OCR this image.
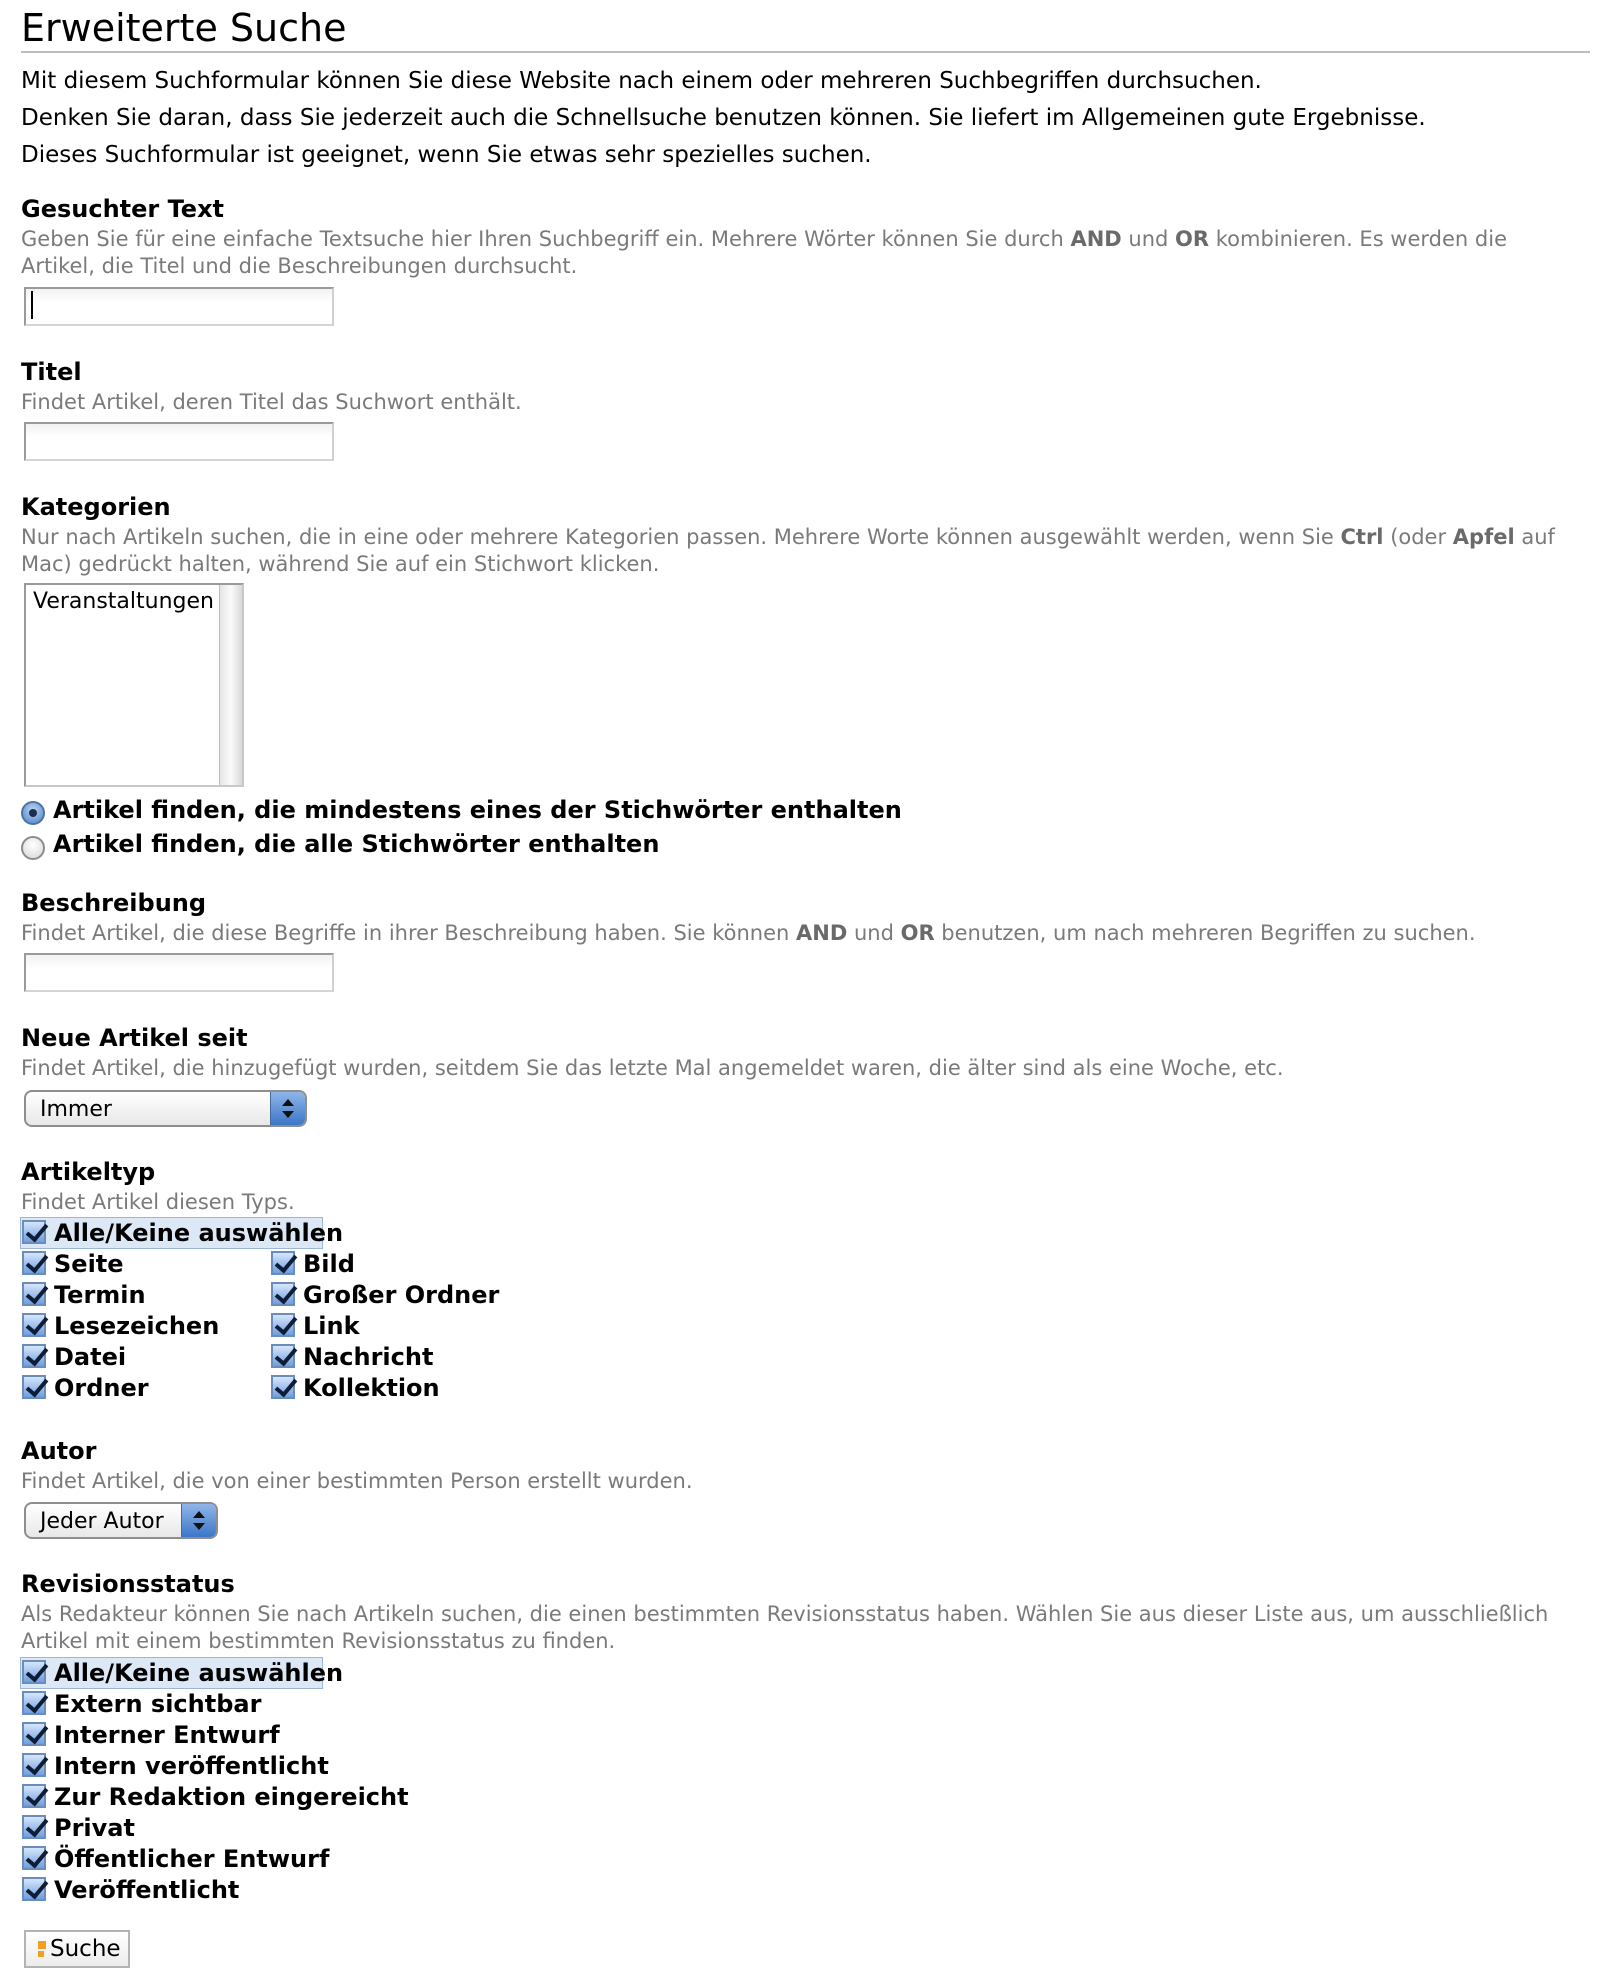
Erweiterte Suche
Mit diesem Suchformular können Sie diese Website nach einem oder mehreren Suchbegriffen durchsuchen.
Denken Sie daran, dass Sie jederzeit auch die Schnellsuche benutzen können. Sie liefert im Allgemeinen gute Ergebnisse.
Dieses Suchformular ist geeignet, wenn Sie etwas sehr spezielles suchen.
Gesuchter Text
Geben Sie für eine einfache Textsuche hier Ihren Suchbegriff ein. Mehrere Wörter können Sie durch AND und OR kombinieren. Es werden die Artikel, die Titel und die Beschreibungen durchsucht.
Titel
Findet Artikel, deren Titel das Suchwort enthält.
Kategorien
Nur nach Artikeln suchen, die in eine oder mehrere Kategorien passen. Mehrere Worte können ausgewählt werden, wenn Sie Ctrl (oder Apfel auf Mac) gedrückt halten, während Sie auf ein Stichwort klicken.
Veranstaltungen
Artikel finden, die mindestens eines der Stichwörter enthalten
Artikel finden, die alle Stichwörter enthalten
Beschreibung
Findet Artikel, die diese Begriffe in ihrer Beschreibung haben. Sie können AND und OR benutzen, um nach mehreren Begriffen zu suchen.
Neue Artikel seit
Findet Artikel, die hinzugefügt wurden, seitdem Sie das letzte Mal angemeldet waren, die älter sind als eine Woche, etc.
Immer
Artikeltyp
Findet Artikel diesen Typs.
Alle/Keine auswählen
Seite
Termin
Lesezeichen
Datei
Ordner
Bild
Großer Ordner
Link
Nachricht
Kollektion
Autor
Findet Artikel, die von einer bestimmten Person erstellt wurden.
Jeder Autor
Revisionsstatus
Als Redakteur können Sie nach Artikeln suchen, die einen bestimmten Revisionsstatus haben. Wählen Sie aus dieser Liste aus, um ausschließlich Artikel mit einem bestimmten Revisionsstatus zu finden.
Alle/Keine auswählen
Extern sichtbar
Interner Entwurf
Intern veröffentlicht
Zur Redaktion eingereicht
Privat
Öffentlicher Entwurf
Veröffentlicht
Suche
